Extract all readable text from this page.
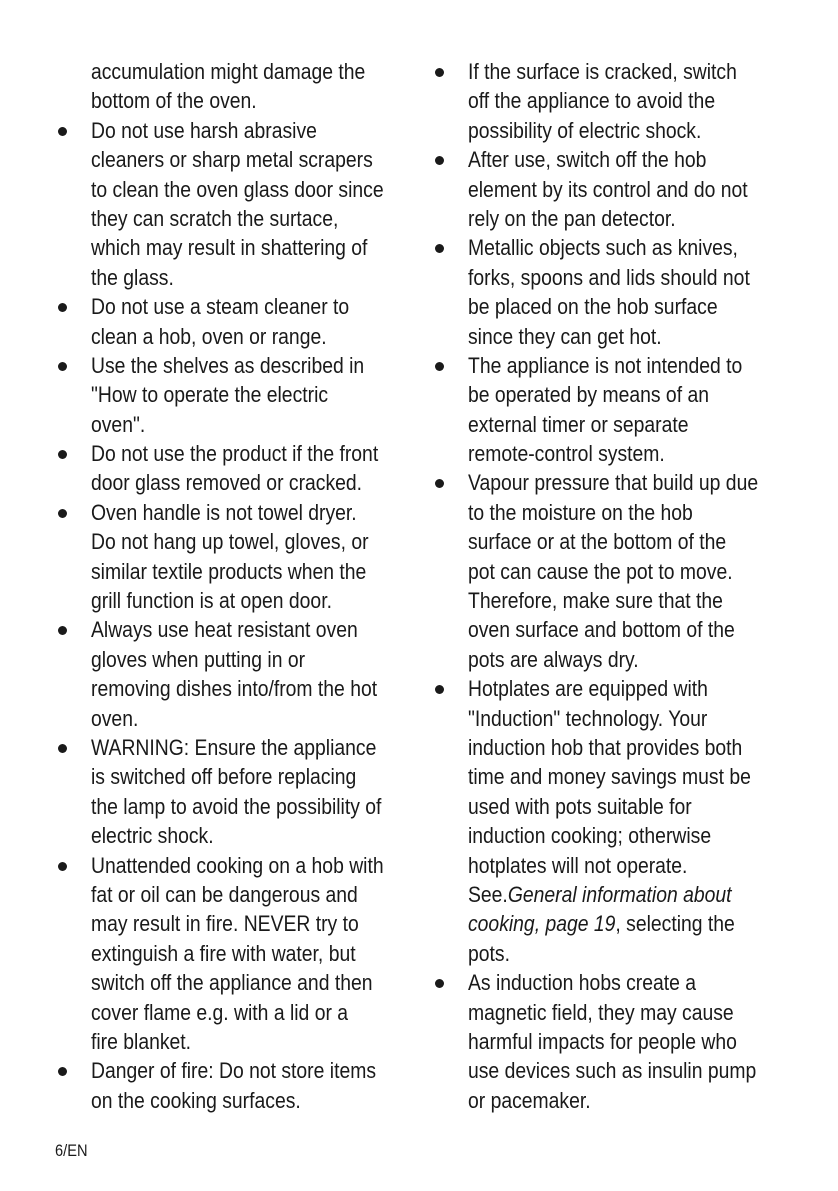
accumulation might damage the
bottom of the oven.
Do not use harsh abrasive
cleaners or sharp metal scrapers
to clean the oven glass door since
they can scratch the surtace,
which may result in shattering of
the glass.
Do not use a steam cleaner to
clean a hob, oven or range.
Use the shelves as described in
"How to operate the electric
oven".
Do not use the product if the front
door glass removed or cracked.
Oven handle is not towel dryer.
Do not hang up towel, gloves, or
similar textile products when the
grill function is at open door.
Always use heat resistant oven
gloves when putting in or
removing dishes into/from the hot
oven.
WARNING: Ensure the appliance
is switched off before replacing
the lamp to avoid the possibility of
electric shock.
Unattended cooking on a hob with
fat or oil can be dangerous and
may result in fire. NEVER try to
extinguish a fire with water, but
switch off the appliance and then
cover flame e.g. with a lid or a
fire blanket.
Danger of fire: Do not store items
on the cooking surfaces.
If the surface is cracked, switch
off the appliance to avoid the
possibility of electric shock.
After use, switch off the hob
element by its control and do not
rely on the pan detector.
Metallic objects such as knives,
forks, spoons and lids should not
be placed on the hob surface
since they can get hot.
The appliance is not intended to
be operated by means of an
external timer or separate
remote-control system.
Vapour pressure that build up due
to the moisture on the hob
surface or at the bottom of the
pot can cause the pot to move.
Therefore, make sure that the
oven surface and bottom of the
pots are always dry.
Hotplates are equipped with
"Induction" technology. Your
induction hob that provides both
time and money savings must be
used with pots suitable for
induction cooking; otherwise
hotplates will not operate.
See.General information about
cooking, page 19, selecting the
pots.
As induction hobs create a
magnetic field, they may cause
harmful impacts for people who
use devices such as insulin pump
or pacemaker.
6/EN
